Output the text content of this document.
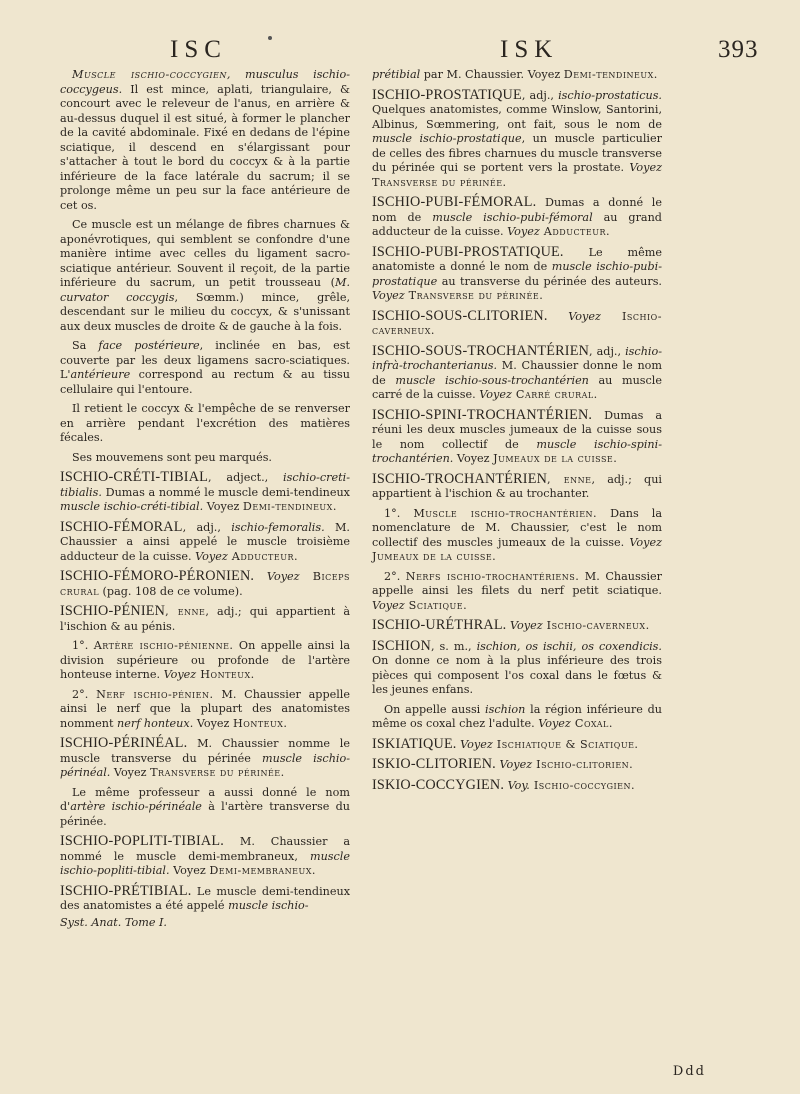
ISC	ISK	393

Muscle ischio-coccygien, musculus ischio-coccygeus. Il est mince, aplati, triangulaire, & concourt avec le releveur de l'anus, en arrière & au-dessus duquel il est situé, à former le plancher de la cavité abdominale. Fixé en dedans de l'épine sciatique, il descend en s'élargissant pour s'attacher à tout le bord du coccyx & à la partie inférieure de la face latérale du sacrum; il se prolonge même un peu sur la face antérieure de cet os.

Ce muscle est un mélange de fibres charnues & aponévrotiques, qui semblent se confondre d'une manière intime avec celles du ligament sacro-sciatique antérieur. Souvent il reçoit, de la partie inférieure du sacrum, un petit trousseau (M. curvator coccygis, Sœmm.) mince, grêle, descendant sur le milieu du coccyx, & s'unissant aux deux muscles de droite & de gauche à la fois.

Sa face postérieure, inclinée en bas, est couverte par les deux ligamens sacro-sciatiques. L'antérieure correspond au rectum & au tissu cellulaire qui l'entoure.

Il retient le coccyx & l'empêche de se renverser en arrière pendant l'excrétion des matières fécales.

Ses mouvemens sont peu marqués.

ISCHIO-CRÉTI-TIBIAL, adject., ischio-creti-tibialis. Dumas a nommé le muscle demi-tendineux muscle ischio-créti-tibial. Voyez Demi-tendineux.

ISCHIO-FÉMORAL, adj., ischio-femoralis. M. Chaussier a ainsi appelé le muscle troisième adducteur de la cuisse. Voyez Adducteur.

ISCHIO-FÉMORO-PÉRONIEN. Voyez Biceps crural (pag. 108 de ce volume).

ISCHIO-PÉNIEN, enne, adj.; qui appartient à l'ischion & au pénis.

1°. Artère ischio-pénienne. On appelle ainsi la division supérieure ou profonde de l'artère honteuse interne. Voyez Honteux.

2°. Nerf ischio-pénien. M. Chaussier appelle ainsi le nerf que la plupart des anatomistes nomment nerf honteux. Voyez Honteux.

ISCHIO-PÉRINÉAL. M. Chaussier nomme le muscle transverse du périnée muscle ischio-périnéal. Voyez Transverse du périnée.

Le même professeur a aussi donné le nom d'artère ischio-périnéale à l'artère transverse du périnée.

ISCHIO-POPLITI-TIBIAL. M. Chaussier a nommé le muscle demi-membraneux, muscle ischio-popliti-tibial. Voyez Demi-membraneux.

ISCHIO-PRÉTIBIAL. Le muscle demi-tendineux des anatomistes a été appelé muscle ischio-
Syst. Anat. Tome I.

prétibial par M. Chaussier. Voyez Demi-tendineux.

ISCHIO-PROSTATIQUE, adj., ischio-prostaticus. Quelques anatomistes, comme Winslow, Santorini, Albinus, Sœmmering, ont fait, sous le nom de muscle ischio-prostatique, un muscle particulier de celles des fibres charnues du muscle transverse du périnée qui se portent vers la prostate. Voyez Transverse du périnée.

ISCHIO-PUBI-FÉMORAL. Dumas a donné le nom de muscle ischio-pubi-fémoral au grand adducteur de la cuisse. Voyez Adducteur.

ISCHIO-PUBI-PROSTATIQUE. Le même anatomiste a donné le nom de muscle ischio-pubi-prostatique au transverse du périnée des auteurs. Voyez Transverse du périnée.

ISCHIO-SOUS-CLITORIEN. Voyez Ischio-caverneux.

ISCHIO-SOUS-TROCHANTÉRIEN, adj., ischio-infrà-trochanterianus. M. Chaussier donne le nom de muscle ischio-sous-trochantérien au muscle carré de la cuisse. Voyez Carré crural.

ISCHIO-SPINI-TROCHANTÉRIEN. Dumas a réuni les deux muscles jumeaux de la cuisse sous le nom collectif de muscle ischio-spini-trochantérien. Voyez Jumeaux de la cuisse.

ISCHIO-TROCHANTÉRIEN, enne, adj.; qui appartient à l'ischion & au trochanter.

1°. Muscle ischio-trochantérien. Dans la nomenclature de M. Chaussier, c'est le nom collectif des muscles jumeaux de la cuisse. Voyez Jumeaux de la cuisse.

2°. Nerfs ischio-trochantériens. M. Chaussier appelle ainsi les filets du nerf petit sciatique. Voyez Sciatique.

ISCHIO-URÉTHRAL. Voyez Ischio-caverneux.

ISCHION, s. m., ischion, os ischii, os coxendicis. On donne ce nom à la plus inférieure des trois pièces qui composent l'os coxal dans le fœtus & les jeunes enfans.

On appelle aussi ischion la région inférieure du même os coxal chez l'adulte. Voyez Coxal.

ISKIATIQUE. Voyez Ischiatique & Sciatique.

ISKIO-CLITORIEN. Voyez Ischio-clitorien.

ISKIO-COCCYGIEN. Voy. Ischio-coccygien.

Ddd
